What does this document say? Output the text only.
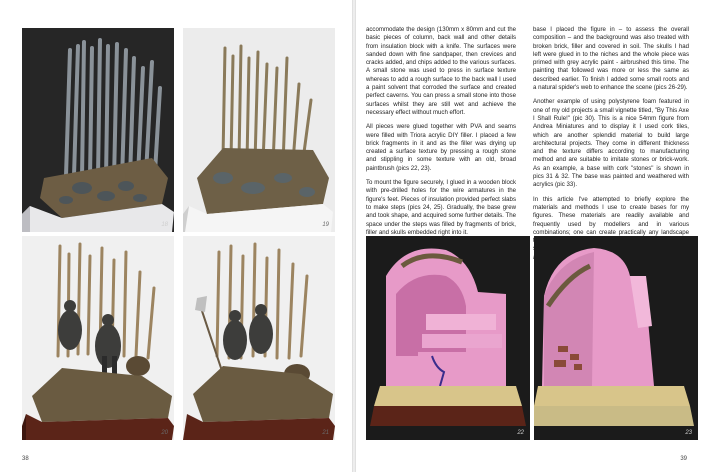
18	19
20	21
38

accommodate the design (130mm x 80mm and cut the basic pieces of column, back wall and other details from insulation block with a knife. The surfaces were sanded down with fine sandpaper, then crevices and cracks added, and chips added to the various surfaces. A small stone was used to press in surface texture whereas to add a rough surface to the back wall I used a paint solvent that corroded the surface and created perfect caverns. You can press a small stone into those surfaces whilst they are still wet and achieve the necessary effect without much effort.

All pieces were glued together with PVA and seams were filled with Triora acrylic DIY filler. I placed a few brick fragments in it and as the filler was drying up created a surface texture by pressing a rough stone and stippling in some texture with an old, broad paintbrush (pics 22, 23).

To mount the figure securely, I glued in a wooden block with pre-drilled holes for the wire armatures in the figure's feet. Pieces of insulation provided perfect slabs to make steps (pics 24, 25). Gradually, the base grew and took shape, and acquired some further details. The space under the steps was filled by fragments of brick, filler and skulls embedded right into it.

base I placed the figure in – to assess the overall composition – and the background was also treated with broken brick, filler and covered in soil. The skulls I had left were glued in to the niches and the whole piece was primed with grey acrylic paint - airbrushed this time. The painting that followed was more or less the same as described earlier. To finish I added some small roots and a natural spider's web to enhance the scene (pics 26-29).

Another example of using polystyrene foam featured in one of my old projects a small vignette titled, "By This Axe I Shall Rule!" (pic 30). This is a nice 54mm figure from Andrea Miniatures and to display it I used cork tiles, which are another splendid material to build large architectural projects. They come in different thickness and the texture differs according to manufacturing method and are suitable to imitate stones or brick-work. As an example, a base with cork "stones" is shown in pics 31 & 32. The base was painted and weathered with acrylics (pic 33).

In this article I've attempted to briefly explore the materials and methods I use to create bases for my figures. These materials are readily available and frequently used by modellers and in various combinations; one can create practically any landscape

22	23
39
